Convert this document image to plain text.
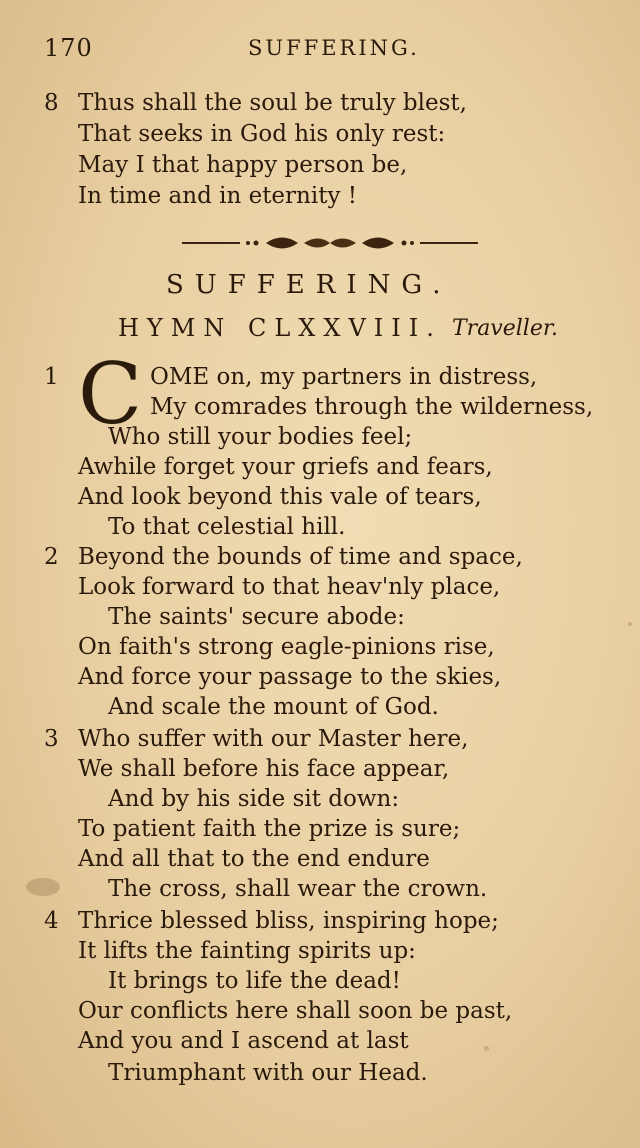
170	SUFFERING.
8 Thus shall the soul be truly blest,
That seeks in God his only rest:
May I that happy person be,
In time and in eternity !
SUFFERING.
HYMN CLXXVIII. Traveller.
1 C OME on, my partners in distress,
My comrades through the wilderness,
Who still your bodies feel;
Awhile forget your griefs and fears,
And look beyond this vale of tears,
To that celestial hill.
2 Beyond the bounds of time and space,
Look forward to that heav'nly place,
The saints' secure abode:
On faith's strong eagle-pinions rise,
And force your passage to the skies,
And scale the mount of God.
3 Who suffer with our Master here,
We shall before his face appear,
And by his side sit down:
To patient faith the prize is sure;
And all that to the end endure
The cross, shall wear the crown.
4 Thrice blessed bliss, inspiring hope;
It lifts the fainting spirits up:
It brings to life the dead!
Our conflicts here shall soon be past,
And you and I ascend at last
Triumphant with our Head.
